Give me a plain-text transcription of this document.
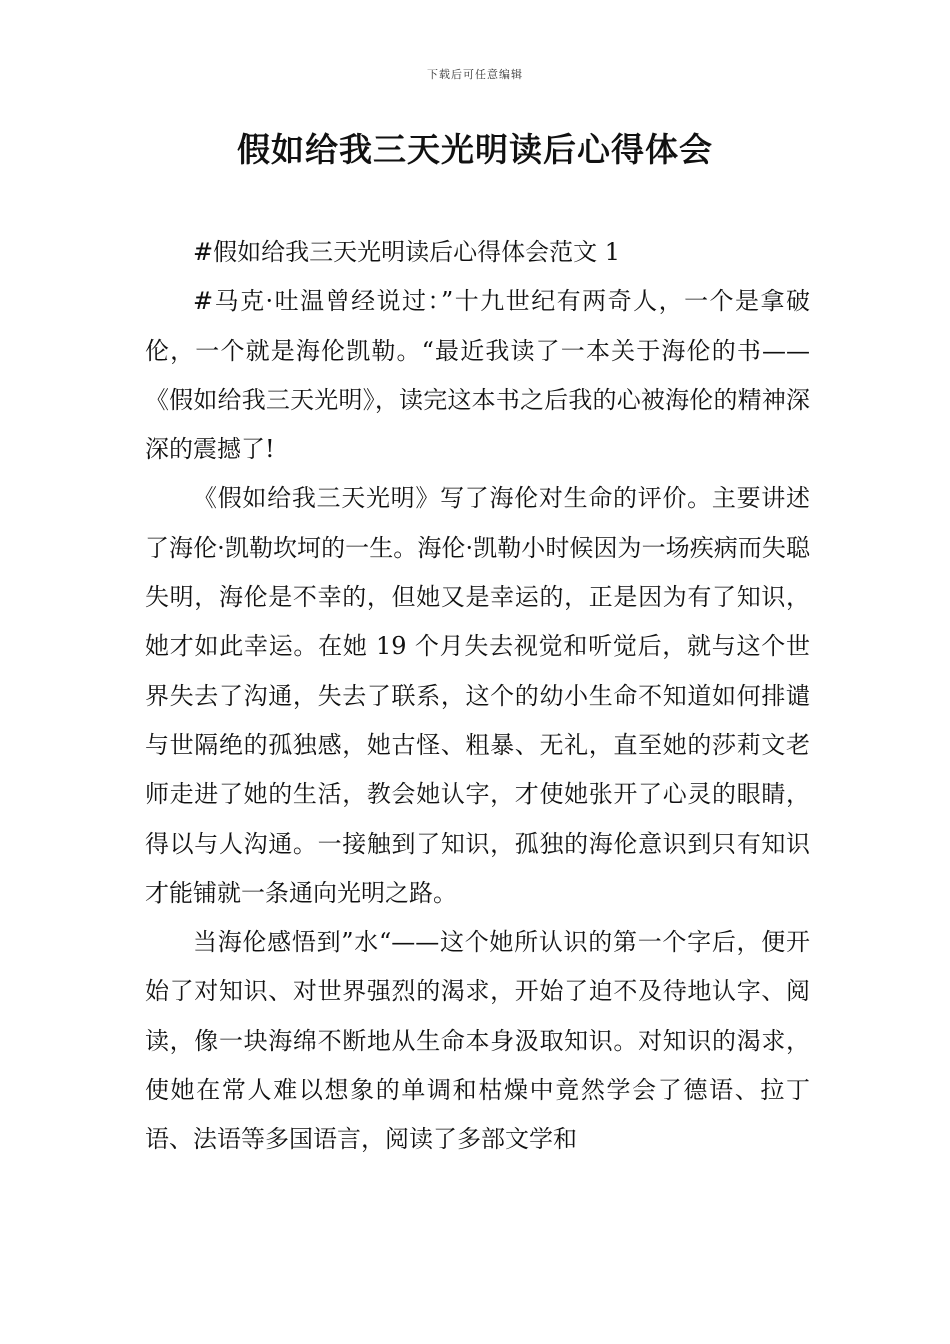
下载后可任意编辑
假如给我三天光明读后心得体会

#假如给我三天光明读后心得体会范文 1

#马克·吐温曾经说过：”十九世纪有两奇人，一个是拿破伦，一个就是海伦凯勒。“最近我读了一本关于海伦的书——《假如给我三天光明》，读完这本书之后我的心被海伦的精神深深的震撼了!

《假如给我三天光明》写了海伦对生命的评价。主要讲述了海伦·凯勒坎坷的一生。海伦·凯勒小时候因为一场疾病而失聪失明，海伦是不幸的，但她又是幸运的，正是因为有了知识，她才如此幸运。在她 19 个月失去视觉和听觉后，就与这个世界失去了沟通，失去了联系，这个的幼小生命不知道如何排谴与世隔绝的孤独感，她古怪、粗暴、无礼，直至她的莎莉文老师走进了她的生活，教会她认字，才使她张开了心灵的眼睛，得以与人沟通。一接触到了知识，孤独的海伦意识到只有知识才能铺就一条通向光明之路。

当海伦感悟到”水“——这个她所认识的第一个字后，便开始了对知识、对世界强烈的渴求，开始了迫不及待地认字、阅读，像一块海绵不断地从生命本身汲取知识。对知识的渴求，使她在常人难以想象的单调和枯燥中竟然学会了德语、拉丁语、法语等多国语言，阅读了多部文学和
